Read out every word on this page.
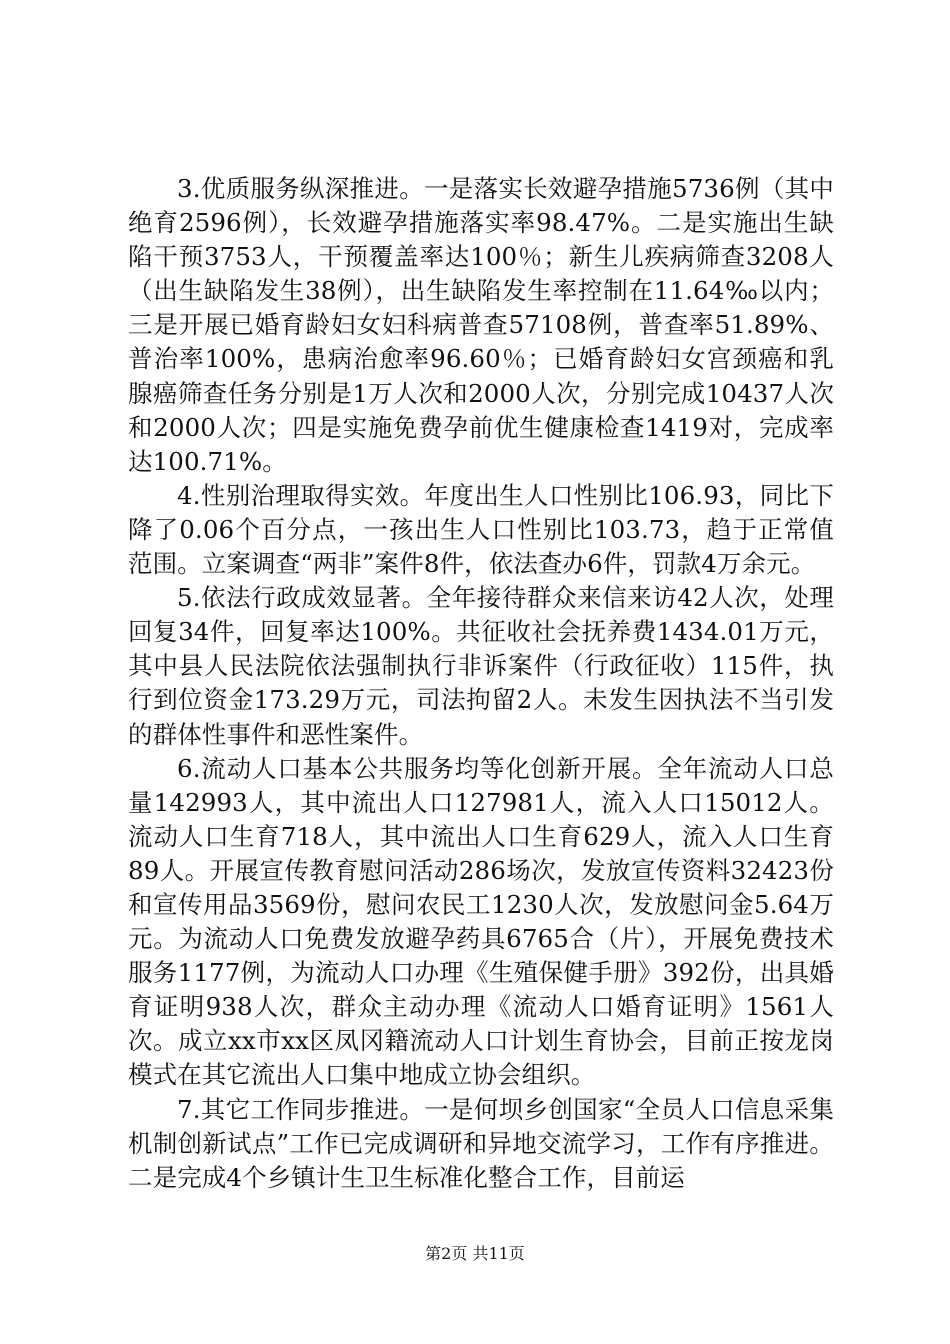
3.优质服务纵深推进。一是落实长效避孕措施5736例（其中绝育2596例），长效避孕措施落实率98.47%。二是实施出生缺陷干预3753人，干预覆盖率达100％；新生儿疾病筛查3208人（出生缺陷发生38例），出生缺陷发生率控制在11.64‰以内；三是开展已婚育龄妇女妇科病普查57108例，普查率51.89%、普治率100%，患病治愈率96.60％；已婚育龄妇女宫颈癌和乳腺癌筛查任务分别是1万人次和2000人次，分别完成10437人次和2000人次；四是实施免费孕前优生健康检查1419对，完成率达100.71%。

4.性别治理取得实效。年度出生人口性别比106.93，同比下降了0.06个百分点，一孩出生人口性别比103.73，趋于正常值范围。立案调查“两非”案件8件，依法查办6件，罚款4万余元。

5.依法行政成效显著。全年接待群众来信来访42人次，处理回复34件，回复率达100%。共征收社会抚养费1434.01万元，其中县人民法院依法强制执行非诉案件（行政征收）115件，执行到位资金173.29万元，司法拘留2人。未发生因执法不当引发的群体性事件和恶性案件。

6.流动人口基本公共服务均等化创新开展。全年流动人口总量142993人，其中流出人口127981人，流入人口15012人。流动人口生育718人，其中流出人口生育629人，流入人口生育89人。开展宣传教育慰问活动286场次，发放宣传资料32423份和宣传用品3569份，慰问农民工1230人次，发放慰问金5.64万元。为流动人口免费发放避孕药具6765合（片），开展免费技术服务1177例，为流动人口办理《生殖保健手册》392份，出具婚育证明938人次，群众主动办理《流动人口婚育证明》1561人次。成立xx市xx区凤冈籍流动人口计划生育协会，目前正按龙岗模式在其它流出人口集中地成立协会组织。

7.其它工作同步推进。一是何坝乡创国家“全员人口信息采集机制创新试点”工作已完成调研和异地交流学习，工作有序推进。二是完成4个乡镇计生卫生标准化整合工作，目前运

第2页 共11页
